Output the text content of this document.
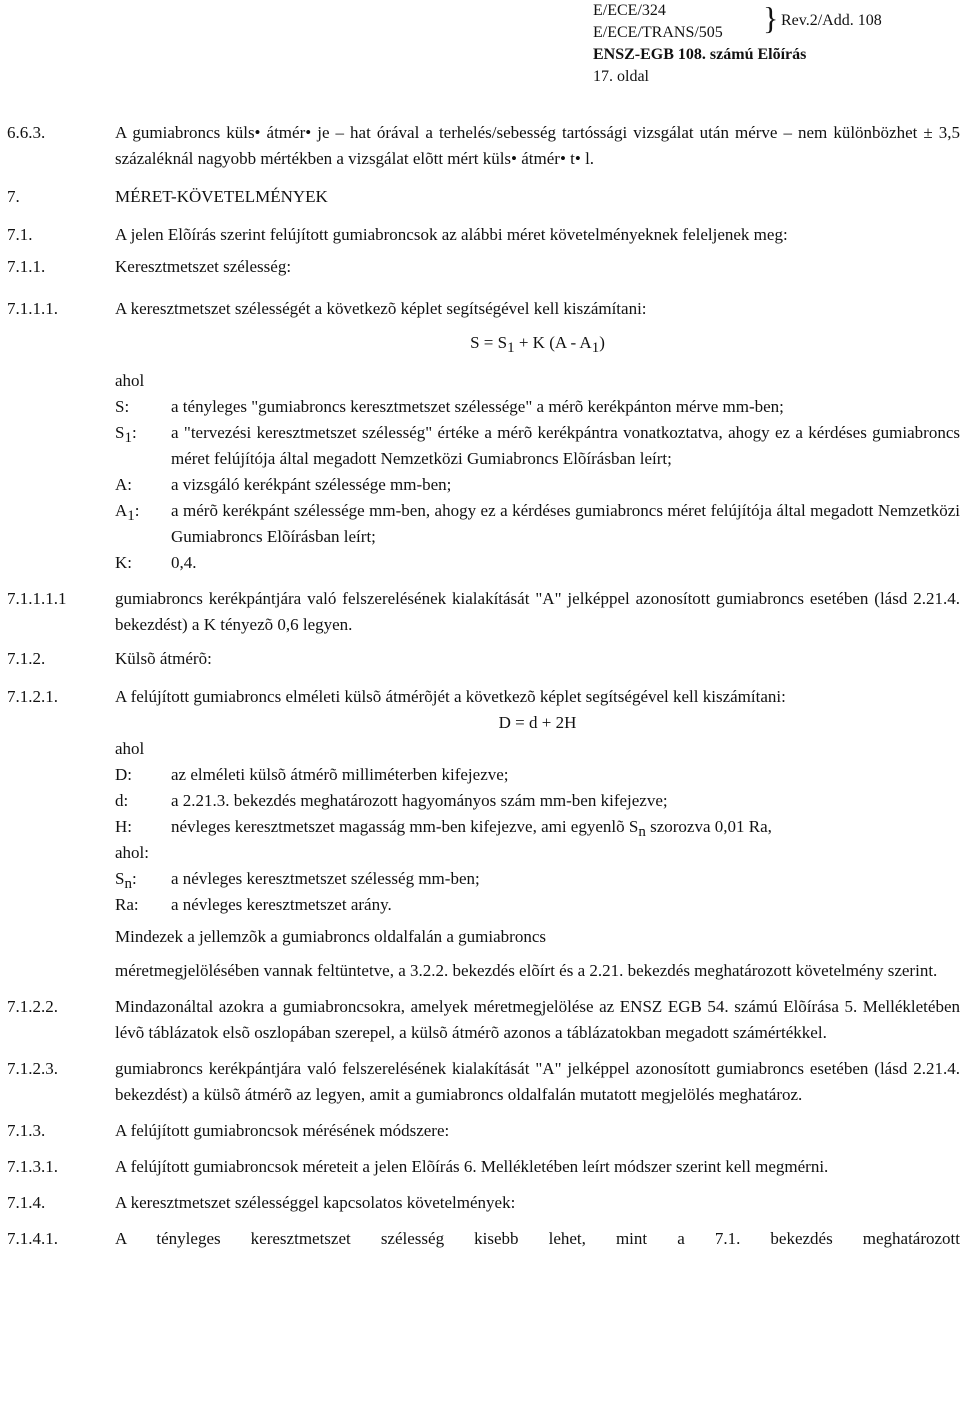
E/ECE/324
E/ECE/TRANS/505	} Rev.2/Add. 108
ENSZ-EGB 108. számú Elõírás
17. oldal
6.6.3.	A gumiabroncs küls• átmér• je – hat órával a terhelés/sebesség tartóssági vizsgálat után mérve – nem különbözhet ± 3,5 százaléknál nagyobb mértékben a vizsgálat elõtt mért küls• átmér• t• l.
7.	MÉRET-KÖVETELMÉNYEK
7.1.	A jelen Elõírás szerint felújított gumiabroncsok az alábbi méret követelményeknek feleljenek meg:
7.1.1.	Keresztmetszet szélesség:
7.1.1.1.	A keresztmetszet szélességét a következõ képlet segítségével kell kiszámítani:
$S = S_1 + K$ $(A - A_1)$
ahol
S: a tényleges "gumiabroncs keresztmetszet szélessége" a mérõ kerékpánton mérve mm-ben;
$S_1$: a "tervezési keresztmetszet szélesség" értéke a mérõ kerékpántra vonatkoztatva, ahogy ez a kérdéses gumiabroncs méret felújítója által megadott Nemzetközi Gumiabroncs Elõírásban leírt;
A: a vizsgáló kerékpánt szélessége mm-ben;
$A_1$: a mérõ kerékpánt szélessége mm-ben, ahogy ez a kérdéses gumiabroncs méret felújítója által megadott Nemzetközi Gumiabroncs Elõírásban leírt;
K: 0,4.
7.1.1.1.1	gumiabroncs kerékpántjára való felszerelésének kialakítását "A" jelképpel azonosított gumiabroncs esetében (lásd 2.21.4. bekezdést) a K tényezõ 0,6 legyen.
7.1.2.	Külsõ átmérõ:
7.1.2.1.	A felújított gumiabroncs elméleti külsõ átmérõjét a következõ képlet segítségével kell kiszámítani:
D = d + 2H
ahol
D: az elméleti külsõ átmérõ milliméterben kifejezve;
d:	a 2.21.3. bekezdés meghatározott hagyományos szám mm-ben kifejezve;
H: névleges keresztmetszet magasság mm-ben kifejezve, ami egyenlõ $S_n$ szorozva 0,01 Ra,
ahol:
$S_n$: a névleges keresztmetszet szélesség mm-ben;
Ra: a névleges keresztmetszet arány.
Mindezek a jellemzõk a gumiabroncs oldalfalán a gumiabroncs
méretmegjelölésében vannak feltüntetve, a 3.2.2. bekezdés elõírt és a 2.21. bekezdés meghatározott követelmény szerint.
7.1.2.2.	Mindazonáltal azokra a gumiabroncsokra, amelyek méretmegjelölése az ENSZ EGB 54. számú Elõírása 5. Mellékletében lévõ táblázatok elsõ oszlopában szerepel, a külsõ átmérõ azonos a táblázatokban megadott számértékkel.
7.1.2.3.	gumiabroncs kerékpántjára való felszerelésének kialakítását "A" jelképpel azonosított gumiabroncs esetében (lásd 2.21.4. bekezdést) a külsõ átmérõ az legyen, amit a gumiabroncs oldalfalán mutatott megjelölés meghatároz.
7.1.3.	A felújított gumiabroncsok mérésének módszere:
7.1.3.1.	A felújított gumiabroncsok méreteit a jelen Elõírás 6. Mellékletében leírt módszer szerint kell megmérni.
7.1.4.	A keresztmetszet szélességgel kapcsolatos követelmények:
7.1.4.1.	A tényleges keresztmetszet szélesség kisebb lehet, mint a 7.1. bekezdés meghatározott
